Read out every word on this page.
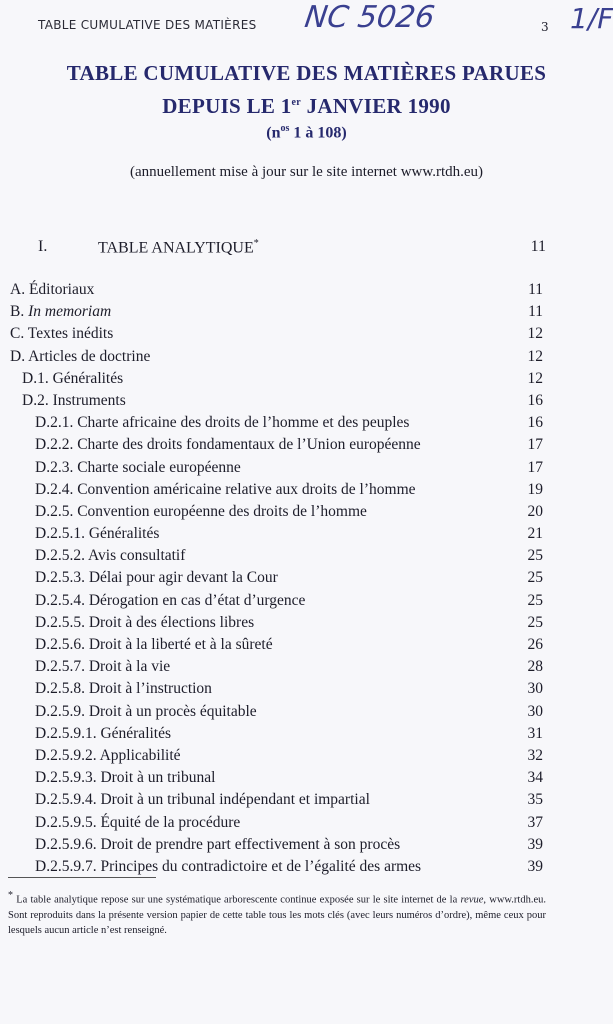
TABLE CUMULATIVE DES MATIÈRES NC 5026	3 1/F
TABLE CUMULATIVE DES MATIÈRES PARUES
DEPUIS LE 1er JANVIER 1990
($n^{os}$ 1 à 108)
(annuellement mise à jour sur le site internet www.rtdh.eu)
I.	TABLE ANALYTIQUE*	11
A. Éditoriaux	11
B. In memoriam	11
C. Textes inédits	12
D. Articles de doctrine	12
D.1. Généralités	12
D.2. Instruments	16
D.2.1. Charte africaine des droits de l’homme et des peuples	16
D.2.2. Charte des droits fondamentaux de l’Union européenne	17
D.2.3. Charte sociale européenne	17
D.2.4. Convention américaine relative aux droits de l’homme	19
D.2.5. Convention européenne des droits de l’homme	20
D.2.5.1. Généralités	21
D.2.5.2. Avis consultatif	25
D.2.5.3. Délai pour agir devant la Cour	25
D.2.5.4. Dérogation en cas d’état d’urgence	25
D.2.5.5. Droit à des élections libres	25
D.2.5.6. Droit à la liberté et à la sûreté	26
D.2.5.7. Droit à la vie	28
D.2.5.8. Droit à l’instruction	30
D.2.5.9. Droit à un procès équitable	30
D.2.5.9.1. Généralités	31
D.2.5.9.2. Applicabilité	32
D.2.5.9.3. Droit à un tribunal	34
D.2.5.9.4. Droit à un tribunal indépendant et impartial	35
D.2.5.9.5. Équité de la procédure	37
D.2.5.9.6. Droit de prendre part effectivement à son procès	39
D.2.5.9.7. Principes du contradictoire et de l’égalité des armes	39
* La table analytique repose sur une systématique arborescente continue exposée sur le site internet de la revue, www.rtdh.eu. Sont reproduits dans la présente version papier de cette table tous les mots clés (avec leurs numéros d’ordre), même ceux pour lesquels aucun article n’est renseigné.
